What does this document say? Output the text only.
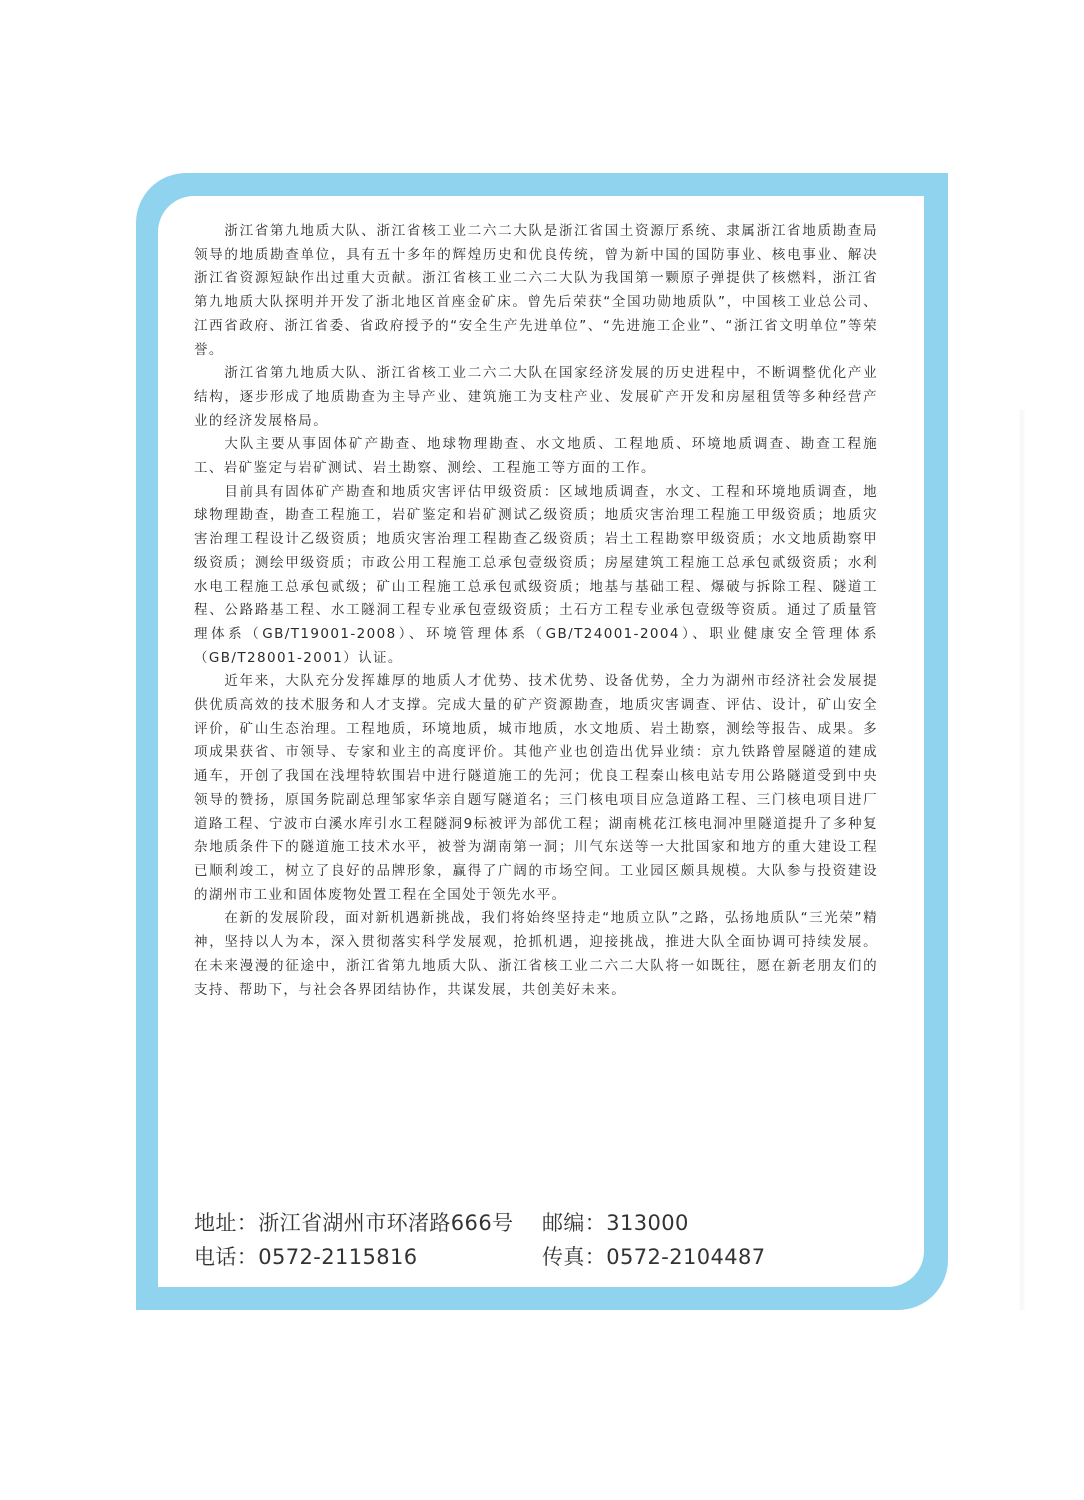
浙江省第九地质大队、浙江省核工业二六二大队是浙江省国土资源厅系统、隶属浙江省地质勘查局领导的地质勘查单位，具有五十多年的辉煌历史和优良传统，曾为新中国的国防事业、核电事业、解决浙江省资源短缺作出过重大贡献。浙江省核工业二六二大队为我国第一颗原子弹提供了核燃料，浙江省第九地质大队探明并开发了浙北地区首座金矿床。曾先后荣获“全国功勋地质队”，中国核工业总公司、江西省政府、浙江省委、省政府授予的“安全生产先进单位”、“先进施工企业”、“浙江省文明单位”等荣誉。

浙江省第九地质大队、浙江省核工业二六二大队在国家经济发展的历史进程中，不断调整优化产业结构，逐步形成了地质勘查为主导产业、建筑施工为支柱产业、发展矿产开发和房屋租赁等多种经营产业的经济发展格局。

大队主要从事固体矿产勘查、地球物理勘查、水文地质、工程地质、环境地质调查、勘查工程施工、岩矿鉴定与岩矿测试、岩土勘察、测绘、工程施工等方面的工作。

目前具有固体矿产勘查和地质灾害评估甲级资质：区域地质调查，水文、工程和环境地质调查，地球物理勘查，勘查工程施工，岩矿鉴定和岩矿测试乙级资质；地质灾害治理工程施工甲级资质；地质灾害治理工程设计乙级资质；地质灾害治理工程勘查乙级资质；岩土工程勘察甲级资质；水文地质勘察甲级资质；测绘甲级资质；市政公用工程施工总承包壹级资质；房屋建筑工程施工总承包贰级资质；水利水电工程施工总承包贰级；矿山工程施工总承包贰级资质；地基与基础工程、爆破与拆除工程、隧道工程、公路路基工程、水工隧洞工程专业承包壹级资质；土石方工程专业承包壹级等资质。通过了质量管理体系（GB/T19001-2008）、环境管理体系（GB/T24001-2004）、职业健康安全管理体系（GB/T28001-2001）认证。

近年来，大队充分发挥雄厚的地质人才优势、技术优势、设备优势，全力为湖州市经济社会发展提供优质高效的技术服务和人才支撑。完成大量的矿产资源勘查，地质灾害调查、评估、设计，矿山安全评价，矿山生态治理。工程地质，环境地质，城市地质，水文地质、岩土勘察，测绘等报告、成果。多项成果获省、市领导、专家和业主的高度评价。其他产业也创造出优异业绩：京九铁路曾屋隧道的建成通车，开创了我国在浅埋特软围岩中进行隧道施工的先河；优良工程秦山核电站专用公路隧道受到中央领导的赞扬，原国务院副总理邹家华亲自题写隧道名；三门核电项目应急道路工程、三门核电项目进厂道路工程、宁波市白溪水库引水工程隧洞9标被评为部优工程；湖南桃花江核电洞冲里隧道提升了多种复杂地质条件下的隧道施工技术水平，被誉为湖南第一洞；川气东送等一大批国家和地方的重大建设工程已顺利竣工，树立了良好的品牌形象，赢得了广阔的市场空间。工业园区颇具规模。大队参与投资建设的湖州市工业和固体废物处置工程在全国处于领先水平。

在新的发展阶段，面对新机遇新挑战，我们将始终坚持走“地质立队”之路，弘扬地质队“三光荣”精神，坚持以人为本，深入贯彻落实科学发展观，抢抓机遇，迎接挑战，推进大队全面协调可持续发展。在未来漫漫的征途中，浙江省第九地质大队、浙江省核工业二六二大队将一如既往，愿在新老朋友们的支持、帮助下，与社会各界团结协作，共谋发展，共创美好未来。

地址：浙江省湖州市环渚路666号	邮编：313000
电话：0572-2115816	传真：0572-2104487
